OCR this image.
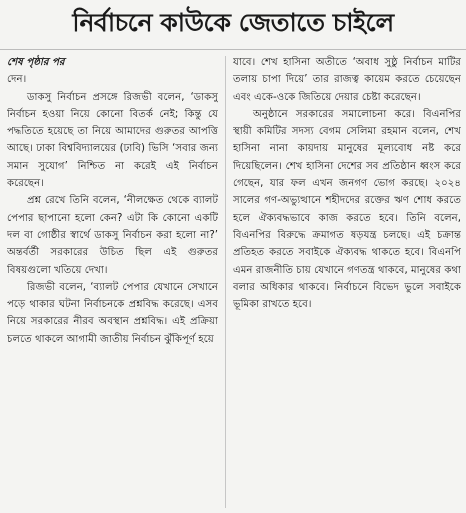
নির্বাচনে কাউকে জেতাতে চাইলে
শেষ পৃষ্ঠার পর

দেন।

ডাকসু নির্বাচন প্রসঙ্গে রিজভী বলেন, ‘ডাকসু নির্বাচন হওয়া নিয়ে কোনো বিতর্ক নেই; কিন্তু যে পদ্ধতিতে হয়েছে তা নিয়ে আমাদের গুরুতর আপত্তি আছে। ঢাকা বিশ্ববিদ্যালয়ের (ঢাবি) ভিসি ‘সবার জন্য সমান সুযোগ’ নিশ্চিত না করেই এই নির্বাচন করেছেন।

প্রশ্ন রেখে তিনি বলেন, ‘নীলক্ষেত থেকে ব্যালট পেপার ছাপানো হলো কেন? এটা কি কোনো একটি দল বা গোষ্ঠীর স্বার্থে ডাকসু নির্বাচন করা হলো না?’ অন্তর্বর্তী সরকারের উচিত ছিল এই গুরুতর বিষয়গুলো খতিয়ে দেখা।

রিজভী বলেন, ‘ব্যালট পেপার যেখানে সেখানে পড়ে থাকার ঘটনা নির্বাচনকে প্রশ্নবিদ্ধ করেছে। এসব নিয়ে সরকারের নীরব অবস্থান প্রশ্নবিদ্ধ। এই প্রক্রিয়া চলতে থাকলে আগামী জাতীয় নির্বাচন ঝুঁকিপূর্ণ হয়ে

যাবে। শেখ হাসিনা অতীতে ‘অবাধ সুষ্ঠু নির্বাচন মাটির তলায় চাপা দিয়ে’ তার রাজত্ব কায়েম করতে চেয়েছেন এবং একে-ওকে জিতিয়ে দেয়ার চেষ্টা করেছেন।

অনুষ্ঠানে সরকারের সমালোচনা করে। বিএনপির স্থায়ী কমিটির সদস্য বেগম সেলিমা রহমান বলেন, শেখ হাসিনা নানা কায়দায় মানুষের মূল্যবোধ নষ্ট করে দিয়েছিলেন। শেখ হাসিনা দেশের সব প্রতিষ্ঠান ধ্বংস করে গেছেন, যার ফল এখন জনগণ ভোগ করছে। ২০২৪ সালের গণ-অভ্যুত্থানে শহীদদের রক্তের ঋণ শোধ করতে হলে ঐক্যবদ্ধভাবে কাজ করতে হবে। তিনি বলেন, বিএনপির বিরুদ্ধে ক্রমাগত ষড়যন্ত্র চলছে। এই চক্রান্ত প্রতিহত করতে সবাইকে ঐক্যবদ্ধ থাকতে হবে। বিএনপি এমন রাজনীতি চায় যেখানে গণতন্ত্র থাকবে, মানুষের কথা বলার অধিকার থাকবে। নির্বাচনে বিভেদ ভুলে সবাইকে ভূমিকা রাখতে হবে।
